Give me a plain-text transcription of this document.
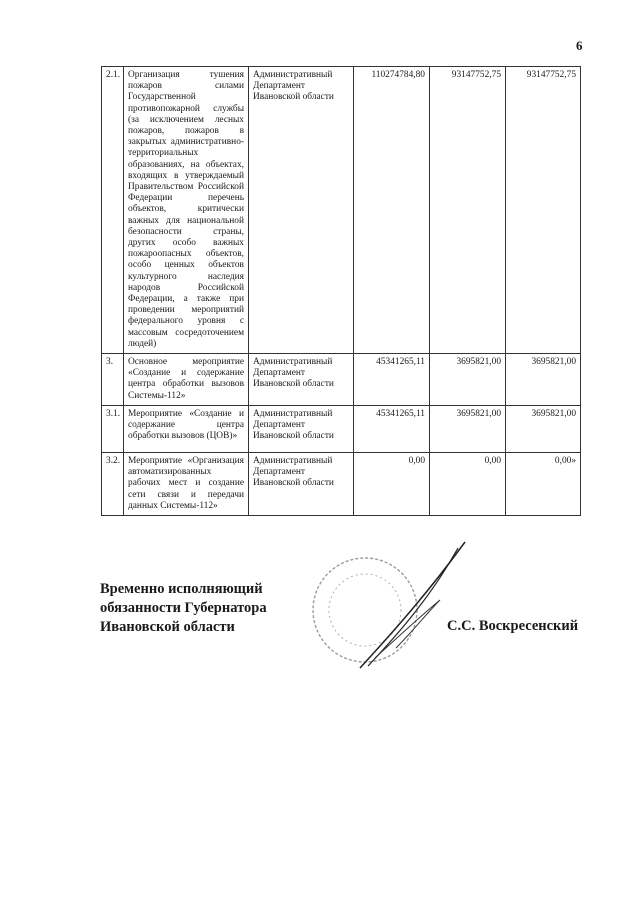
6
2.1.	Организация тушения пожаров силами Государственной противопожарной службы (за исключением лесных пожаров, пожаров в закрытых административно-территориальных образованиях, на объектах, входящих в утверждаемый Правительством Российской Федерации перечень объектов, критически важных для национальной безопасности страны, других особо важных пожароопасных объектов, особо ценных объектов культурного наследия народов Российской Федерации, а также при проведении мероприятий федерального уровня с массовым сосредоточением людей)	Административный Департамент Ивановской области	110274784,80	93147752,75	93147752,75
3.	Основное мероприятие «Создание и содержание центра обработки вызовов Системы-112»	Административный Департамент Ивановской области	45341265,11	3695821,00	3695821,00
3.1.	Мероприятие «Создание и содержание центра обработки вызовов (ЦОВ)»	Административный Департамент Ивановской области	45341265,11	3695821,00	3695821,00
3.2.	Мероприятие «Организация автоматизированных рабочих мест и создание сети связи и передачи данных Системы-112»	Административный Департамент Ивановской области	0,00	0,00	0,00»
Временно исполняющий
обязанности Губернатора
Ивановской области	С.С. Воскресенский
